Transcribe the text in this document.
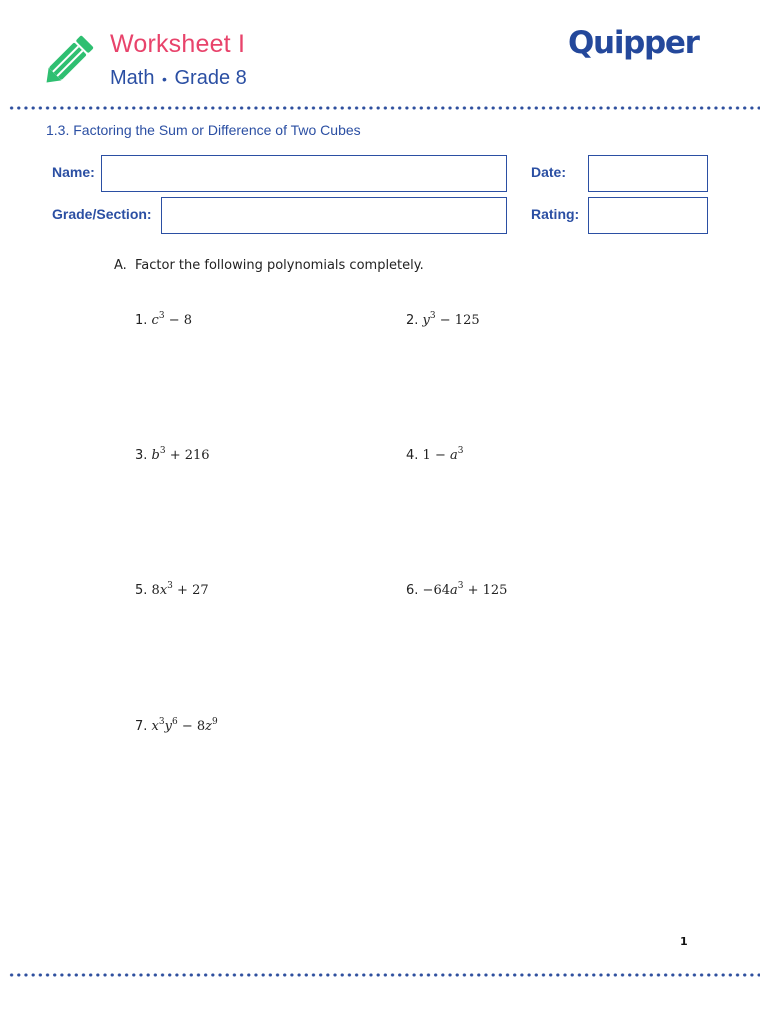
Worksheet I
Math • Grade 8
Quipper
1.3. Factoring the Sum or Difference of Two Cubes
Name:	Date:
Grade/Section:	Rating:
A. Factor the following polynomials completely.
1. $c^3 - 8$	2. $y^3 - 125$
3. $b^3 + 216$	4. $1 - a^3$
5. $8x^3 + 27$	6. $-64a^3 + 125$
7. $x^3y^6 - 8z^9$
1
